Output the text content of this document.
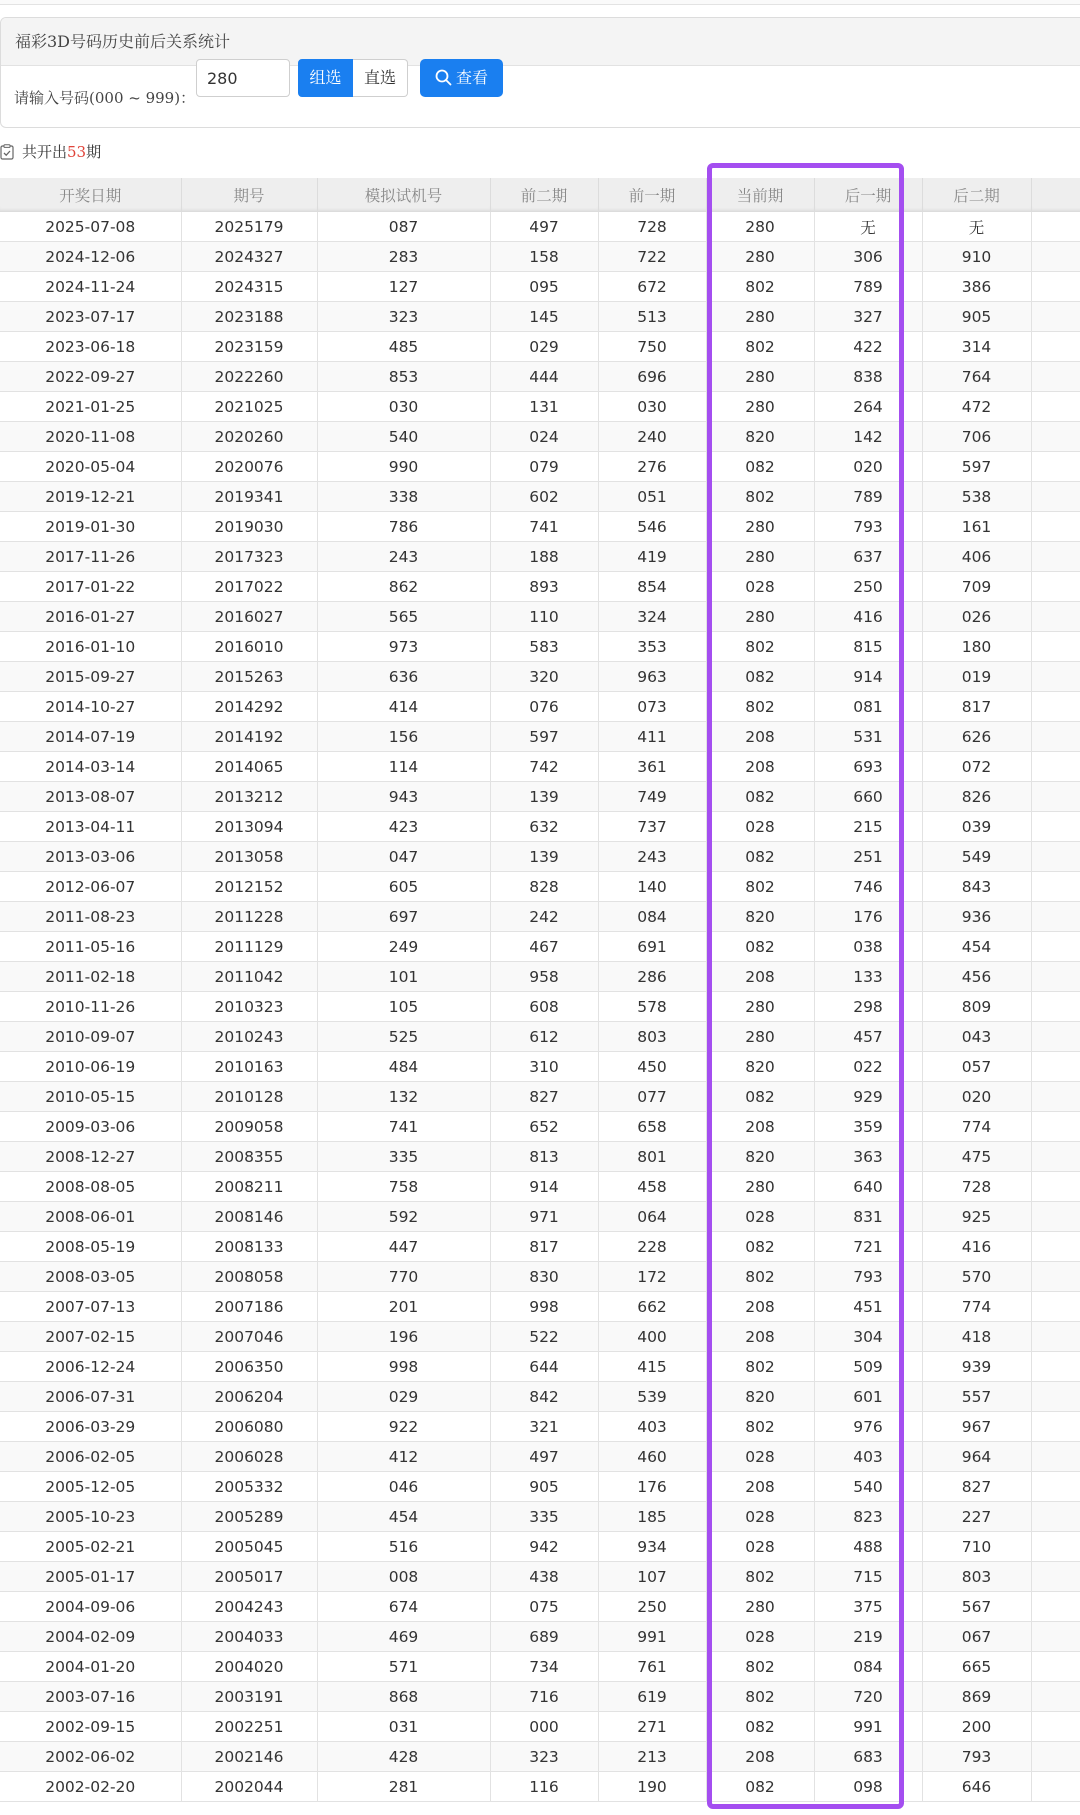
福彩3D号码历史前后关系统计
请输入号码(000 ~ 999)：
280
组选	直选	查看
共开出53期
开奖日期	期号	模拟试机号	前二期	前一期	当前期	后一期	后二期	
2025-07-08	2025179	087	497	728	280	无	无	
2024-12-06	2024327	283	158	722	280	306	910	
2024-11-24	2024315	127	095	672	802	789	386	
2023-07-17	2023188	323	145	513	280	327	905	
2023-06-18	2023159	485	029	750	802	422	314	
2022-09-27	2022260	853	444	696	280	838	764	
2021-01-25	2021025	030	131	030	280	264	472	
2020-11-08	2020260	540	024	240	820	142	706	
2020-05-04	2020076	990	079	276	082	020	597	
2019-12-21	2019341	338	602	051	802	789	538	
2019-01-30	2019030	786	741	546	280	793	161	
2017-11-26	2017323	243	188	419	280	637	406	
2017-01-22	2017022	862	893	854	028	250	709	
2016-01-27	2016027	565	110	324	280	416	026	
2016-01-10	2016010	973	583	353	802	815	180	
2015-09-27	2015263	636	320	963	082	914	019	
2014-10-27	2014292	414	076	073	802	081	817	
2014-07-19	2014192	156	597	411	208	531	626	
2014-03-14	2014065	114	742	361	208	693	072	
2013-08-07	2013212	943	139	749	082	660	826	
2013-04-11	2013094	423	632	737	028	215	039	
2013-03-06	2013058	047	139	243	082	251	549	
2012-06-07	2012152	605	828	140	802	746	843	
2011-08-23	2011228	697	242	084	820	176	936	
2011-05-16	2011129	249	467	691	082	038	454	
2011-02-18	2011042	101	958	286	208	133	456	
2010-11-26	2010323	105	608	578	280	298	809	
2010-09-07	2010243	525	612	803	280	457	043	
2010-06-19	2010163	484	310	450	820	022	057	
2010-05-15	2010128	132	827	077	082	929	020	
2009-03-06	2009058	741	652	658	208	359	774	
2008-12-27	2008355	335	813	801	820	363	475	
2008-08-05	2008211	758	914	458	280	640	728	
2008-06-01	2008146	592	971	064	028	831	925	
2008-05-19	2008133	447	817	228	082	721	416	
2008-03-05	2008058	770	830	172	802	793	570	
2007-07-13	2007186	201	998	662	208	451	774	
2007-02-15	2007046	196	522	400	208	304	418	
2006-12-24	2006350	998	644	415	802	509	939	
2006-07-31	2006204	029	842	539	820	601	557	
2006-03-29	2006080	922	321	403	802	976	967	
2006-02-05	2006028	412	497	460	028	403	964	
2005-12-05	2005332	046	905	176	208	540	827	
2005-10-23	2005289	454	335	185	028	823	227	
2005-02-21	2005045	516	942	934	028	488	710	
2005-01-17	2005017	008	438	107	802	715	803	
2004-09-06	2004243	674	075	250	280	375	567	
2004-02-09	2004033	469	689	991	028	219	067	
2004-01-20	2004020	571	734	761	802	084	665	
2003-07-16	2003191	868	716	619	802	720	869	
2002-09-15	2002251	031	000	271	082	991	200	
2002-06-02	2002146	428	323	213	208	683	793	
2002-02-20	2002044	281	116	190	082	098	646	
